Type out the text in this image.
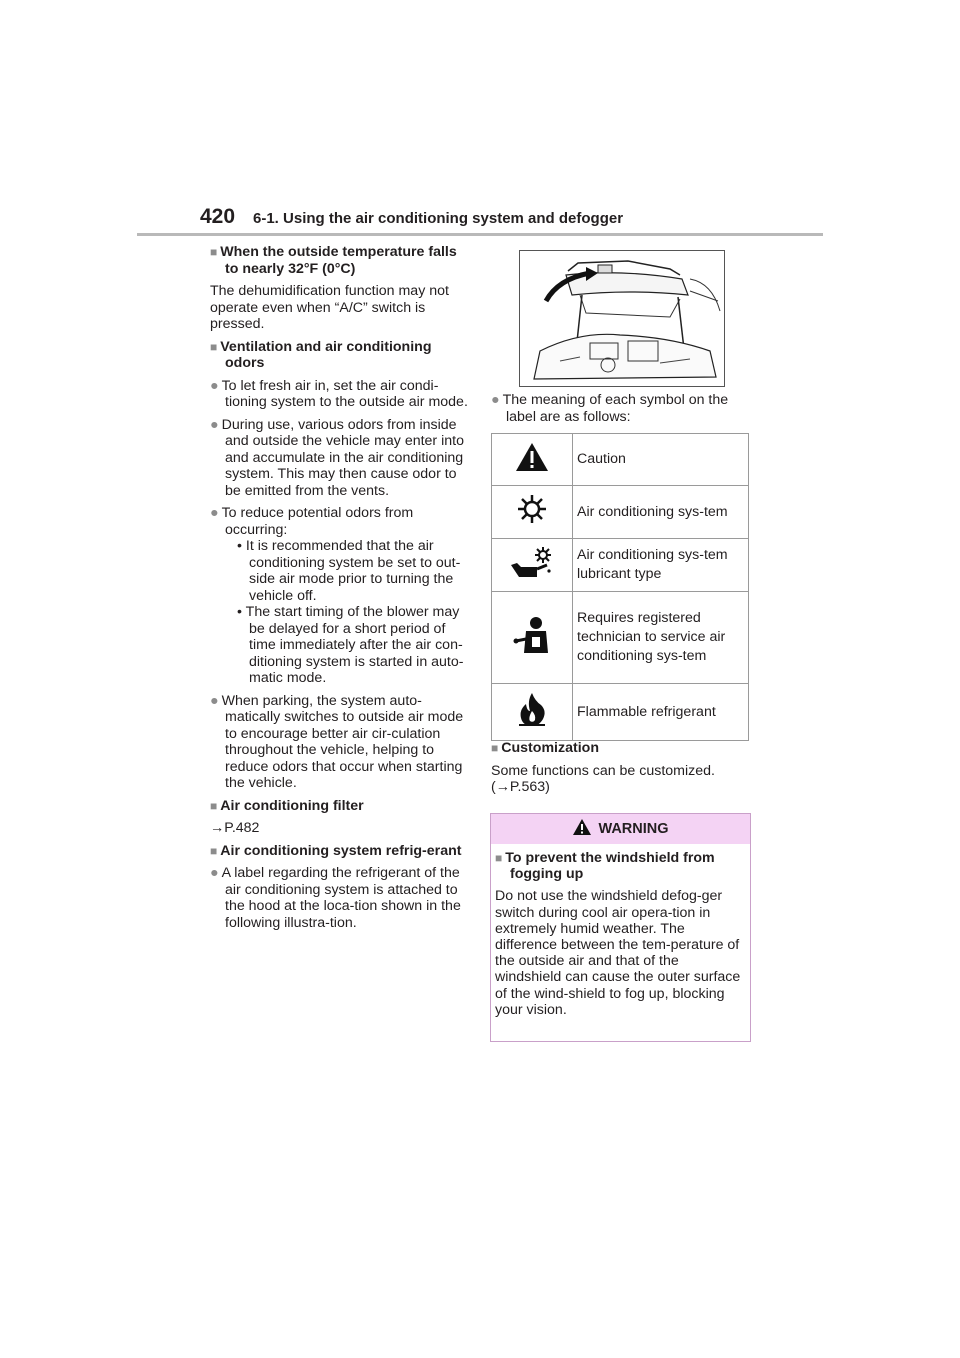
420 6-1. Using the air conditioning system and defogger
■ When the outside temperature falls to nearly 32°F (0°C)

The dehumidification function may not operate even when “A/C” switch is pressed.

■ Ventilation and air conditioning odors
● To let fresh air in, set the air condi-tioning system to the outside air mode.
● During use, various odors from inside and outside the vehicle may enter into and accumulate in the air conditioning system. This may then cause odor to be emitted from the vents.
● To reduce potential odors from occurring:
• It is recommended that the air conditioning system be set to out-side air mode prior to turning the vehicle off.
• The start timing of the blower may be delayed for a short period of time immediately after the air con-ditioning system is started in auto-matic mode.
● When parking, the system auto-matically switches to outside air mode to encourage better air cir-culation throughout the vehicle, helping to reduce odors that occur when starting the vehicle.
■ Air conditioning filter

→P.482

■ Air conditioning system refrig-erant
● A label regarding the refrigerant of the air conditioning system is attached to the hood at the loca-tion shown in the following illustra-tion.
● The meaning of each symbol on the label are as follows:
	Caution
	Air conditioning sys-tem
	Air conditioning sys-tem lubricant type
	Requires registered technician to service air conditioning sys-tem
	Flammable refrigerant
■ Customization

Some functions can be customized. (→P.563)

WARNING
■ To prevent the windshield from fogging up

Do not use the windshield defog-ger switch during cool air opera-tion in extremely humid weather. The difference between the tem-perature of the outside air and that of the windshield can cause the outer surface of the wind-shield to fog up, blocking your vision.
